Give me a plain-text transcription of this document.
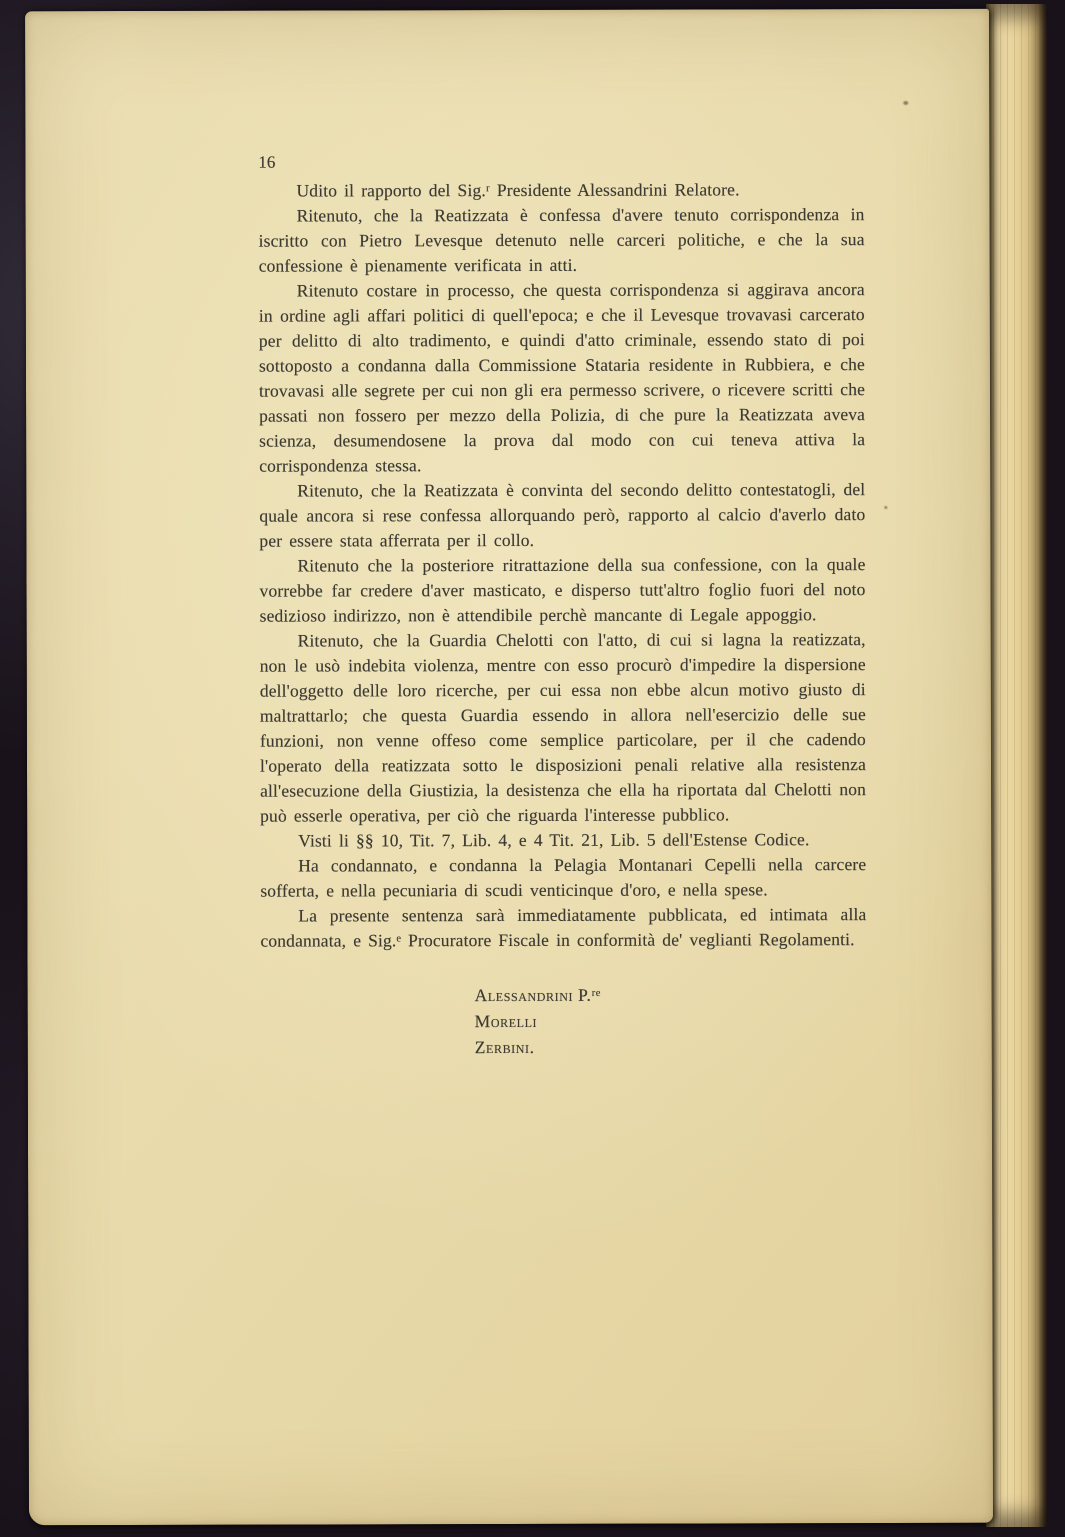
16

Udito il rapporto del Sig.ʳ Presidente Alessandrini Relatore.

Ritenuto, che la Reatizzata è confessa d'avere tenuto corrispondenza in iscritto con Pietro Levesque detenuto nelle carceri politiche, e che la sua confessione è pienamente verificata in atti.

Ritenuto costare in processo, che questa corrispondenza si aggirava ancora in ordine agli affari politici di quell'epoca; e che il Levesque trovavasi carcerato per delitto di alto tradimento, e quindi d'atto criminale, essendo stato di poi sottoposto a condanna dalla Commissione Stataria residente in Rubbiera, e che trovavasi alle segrete per cui non gli era permesso scrivere, o ricevere scritti che passati non fossero per mezzo della Polizia, di che pure la Reatizzata aveva scienza, desumendosene la prova dal modo con cui teneva attiva la corrispondenza stessa.

Ritenuto, che la Reatizzata è convinta del secondo delitto contestatogli, del quale ancora si rese confessa allorquando però, rapporto al calcio d'averlo dato per essere stata afferrata per il collo.

Ritenuto che la posteriore ritrattazione della sua confessione, con la quale vorrebbe far credere d'aver masticato, e disperso tutt'altro foglio fuori del noto sedizioso indirizzo, non è attendibile perchè mancante di Legale appoggio.

Ritenuto, che la Guardia Chelotti con l'atto, di cui si lagna la reatizzata, non le usò indebita violenza, mentre con esso procurò d'impedire la dispersione dell'oggetto delle loro ricerche, per cui essa non ebbe alcun motivo giusto di maltrattarlo; che questa Guardia essendo in allora nell'esercizio delle sue funzioni, non venne offeso come semplice particolare, per il che cadendo l'operato della reatizzata sotto le disposizioni penali relative alla resistenza all'esecuzione della Giustizia, la desistenza che ella ha riportata dal Chelotti non può esserle operativa, per ciò che riguarda l'interesse pubblico.

Visti li §§ 10, Tit. 7, Lib. 4, e 4 Tit. 21, Lib. 5 dell'Estense Codice.

Ha condannato, e condanna la Pelagia Montanari Cepelli nella carcere sofferta, e nella pecuniaria di scudi venticinque d'oro, e nella spese.

La presente sentenza sarà immediatamente pubblicata, ed intimata alla condannata, e Sig.ᵉ Procuratore Fiscale in conformità de' veglianti Regolamenti.

Alessandrini P.ʳᵉ
Morelli
Zerbini.
